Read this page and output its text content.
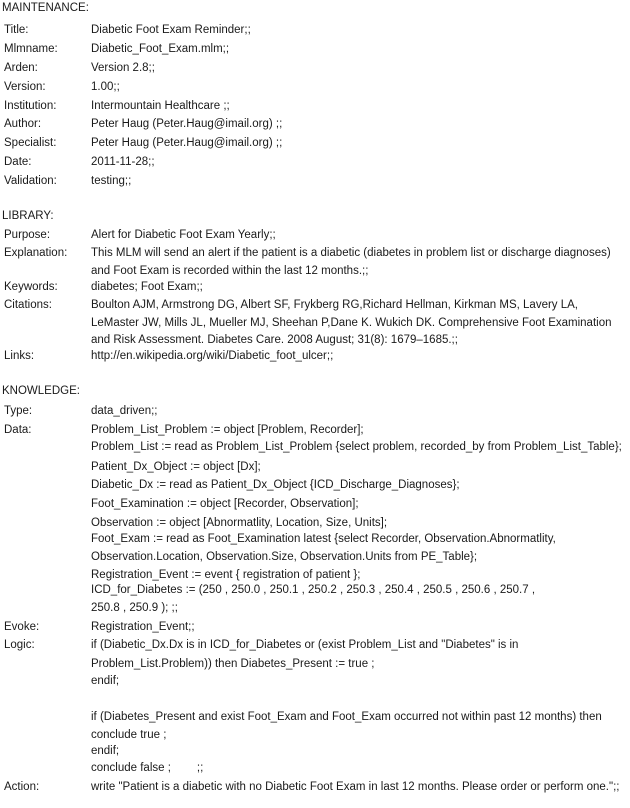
MAINTENANCE:
Title:	Diabetic Foot Exam Reminder;;
Mlmname:	Diabetic_Foot_Exam.mlm;;
Arden:	Version 2.8;;
Version:	1.00;;
Institution:	Intermountain Healthcare ;;
Author:	Peter Haug (Peter.Haug@imail.org) ;;
Specialist:	Peter Haug (Peter.Haug@imail.org) ;;
Date:	2011-11-28;;
Validation:	testing;;
LIBRARY:
Purpose:	Alert for Diabetic Foot Exam Yearly;;
Explanation: This MLM will send an alert if the patient is a diabetic (diabetes in problem list or discharge diagnoses) and Foot Exam is recorded within the last 12 months.;;
Keywords:	diabetes; Foot Exam;;
Citations:	Boulton AJM, Armstrong DG, Albert SF, Frykberg RG,Richard Hellman, Kirkman MS, Lavery LA, LeMaster JW, Mills JL, Mueller MJ, Sheehan P,Dane K. Wukich DK. Comprehensive Foot Examination and Risk Assessment. Diabetes Care. 2008 August; 31(8): 1679–1685.;;
Links:	http://en.wikipedia.org/wiki/Diabetic_foot_ulcer;;
KNOWLEDGE:
Type:	data_driven;;
Data:	Problem_List_Problem := object [Problem, Recorder];
Problem_List := read as Problem_List_Problem {select problem, recorded_by from Problem_List_Table};
Patient_Dx_Object := object [Dx];
Diabetic_Dx := read as Patient_Dx_Object {ICD_Discharge_Diagnoses};
Foot_Examination := object [Recorder, Observation];
Observation := object [Abnormatlity, Location, Size, Units];
Foot_Exam := read as Foot_Examination latest {select Recorder, Observation.Abnormatlity, Observation.Location, Observation.Size, Observation.Units from PE_Table};
Registration_Event := event { registration of patient };
ICD_for_Diabetes := (250 , 250.0 , 250.1 , 250.2 , 250.3 , 250.4 , 250.5 , 250.6 , 250.7 , 250.8 , 250.9 ); ;;
Evoke:	Registration_Event;;
Logic:	if (Diabetic_Dx.Dx is in ICD_for_Diabetes or (exist Problem_List and "Diabetes" is in
Problem_List.Problem)) then Diabetes_Present := true ;
endif;
if (Diabetes_Present and exist Foot_Exam and Foot_Exam occurred not within past 12 months) then
conclude true ;
endif;
conclude false ; ;;
Action:	write "Patient is a diabetic with no Diabetic Foot Exam in last 12 months. Please order or perform one.";;
